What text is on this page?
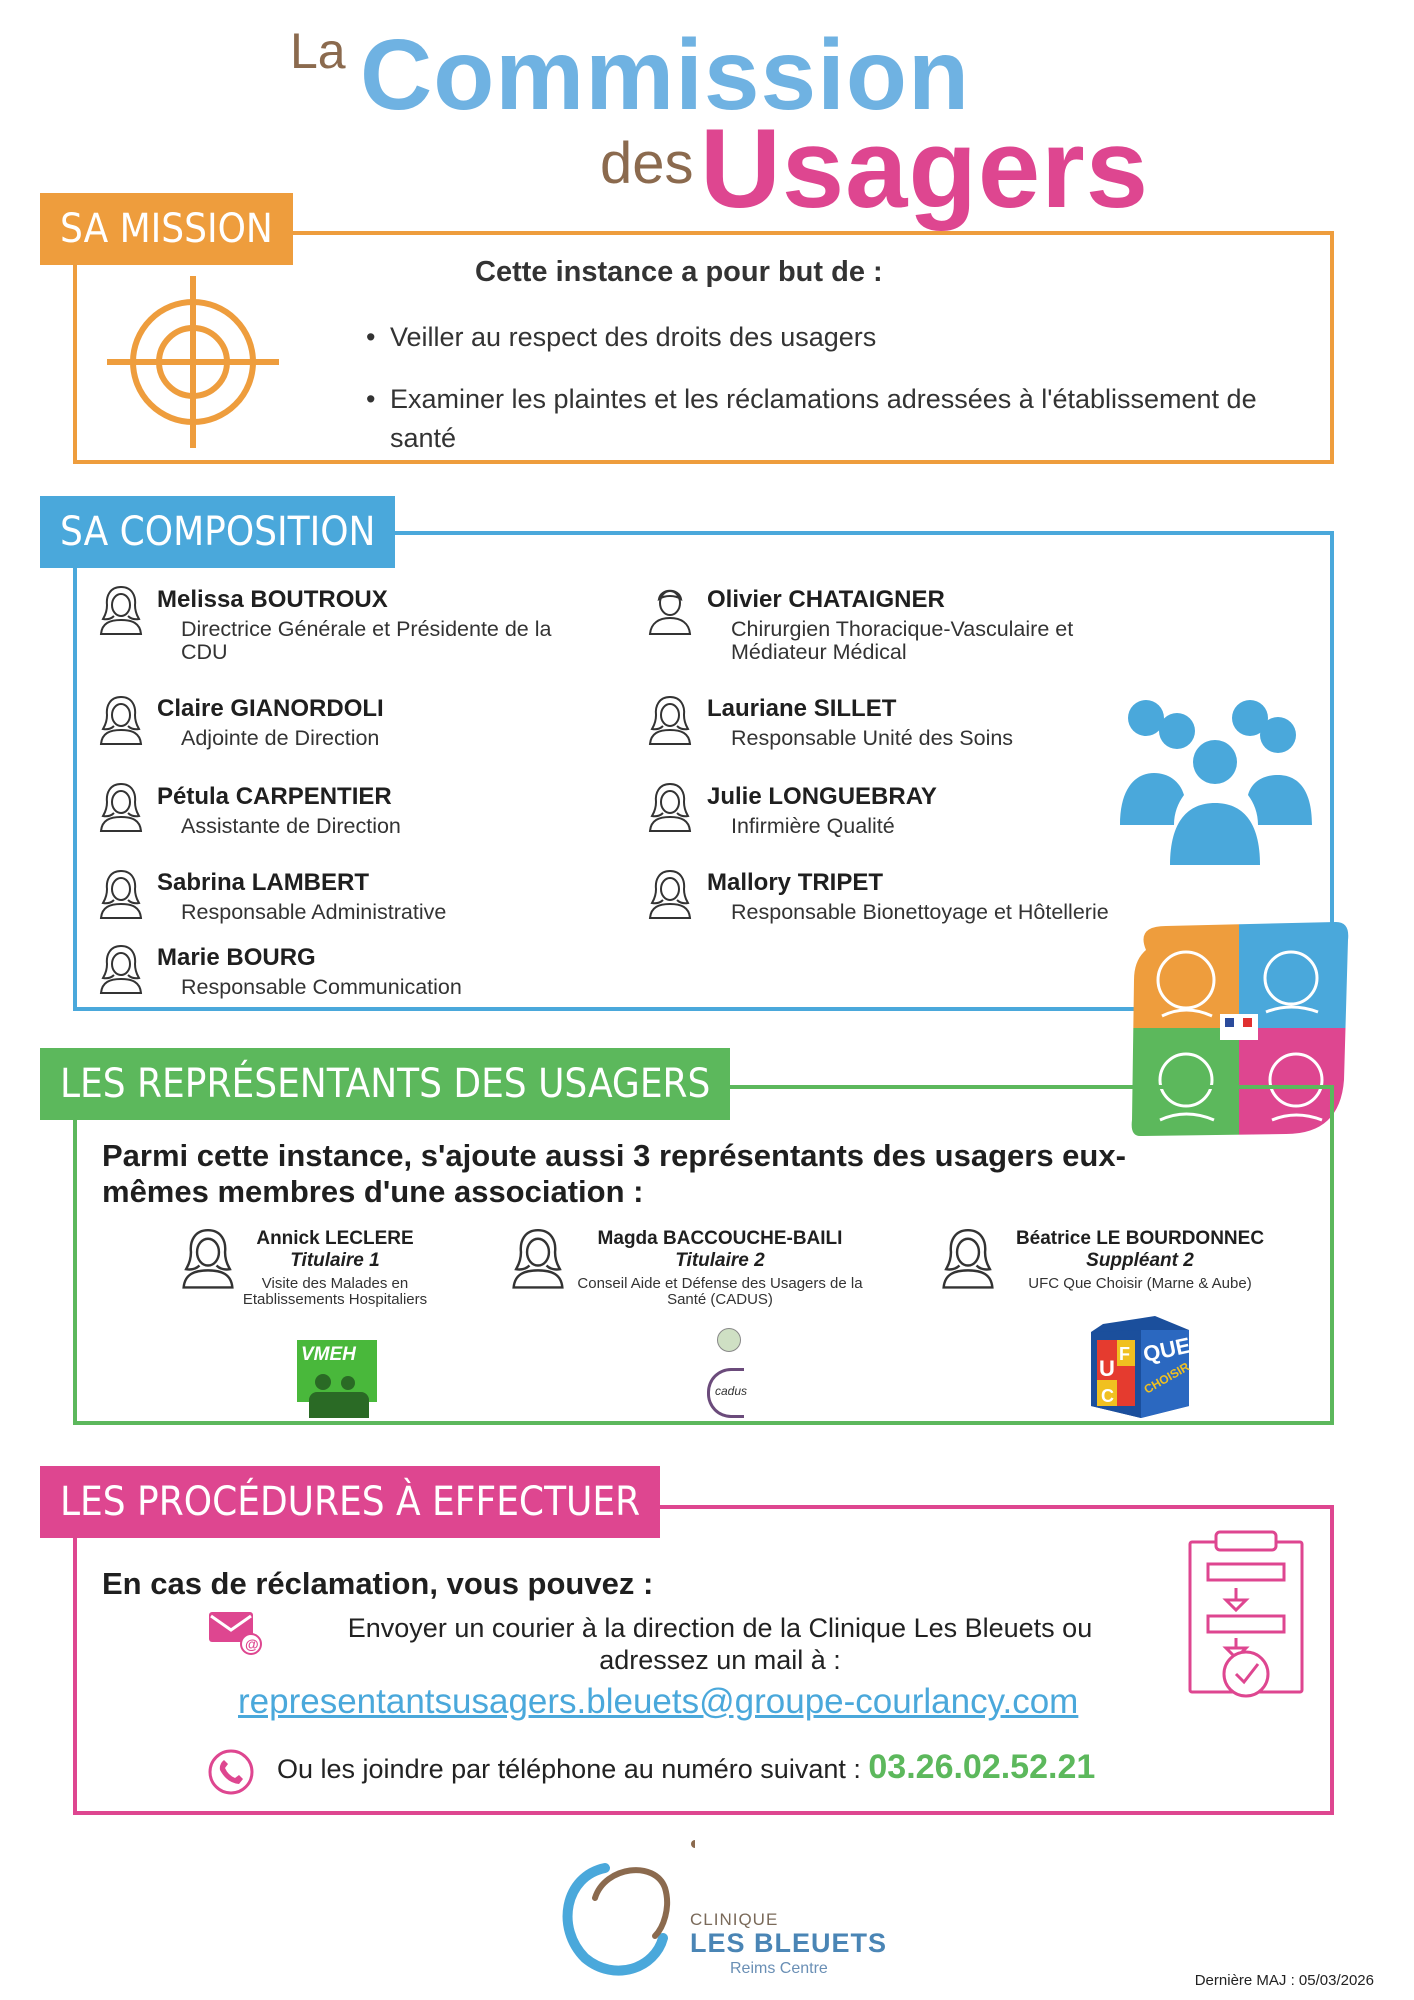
La Commission
des Usagers
SA MISSION
Cette instance a pour but de :
• Veiller au respect des droits des usagers
• Examiner les plaintes et les réclamations adressées à l'établissement de santé
SA COMPOSITION
Melissa BOUTROUX
Directrice Générale et Présidente de la CDU
Claire GIANORDOLI
Adjointe de Direction
Pétula CARPENTIER
Assistante de Direction
Sabrina LAMBERT
Responsable Administrative
Marie BOURG
Responsable Communication
Olivier CHATAIGNER
Chirurgien Thoracique-Vasculaire et Médiateur Médical
Lauriane SILLET
Responsable Unité des Soins
Julie LONGUEBRAY
Infirmière Qualité
Mallory TRIPET
Responsable Bionettoyage et Hôtellerie
LES REPRÉSENTANTS DES USAGERS
Parmi cette instance, s'ajoute aussi 3 représentants des usagers eux-mêmes membres d'une association :
Annick LECLERE
Titulaire 1
Visite des Malades en Etablissements Hospitaliers
VMEH
Magda BACCOUCHE-BAILI
Titulaire 2
Conseil Aide et Défense des Usagers de la Santé (CADUS)
cadus
Béatrice LE BOURDONNEC
Suppléant 2
UFC Que Choisir (Marne & Aube)
U
F
C
QUE
CHOISIR
LES PROCÉDURES À EFFECTUER
En cas de réclamation, vous pouvez :
@
Envoyer un courier à la direction de la Clinique Les Bleuets ou adressez un mail à :
representantsusagers.bleuets@groupe-courlancy.com
Ou les joindre par téléphone au numéro suivant : 03.26.02.52.21
CLINIQUE
LES BLEUETS
Reims Centre
Dernière MAJ : 05/03/2026
